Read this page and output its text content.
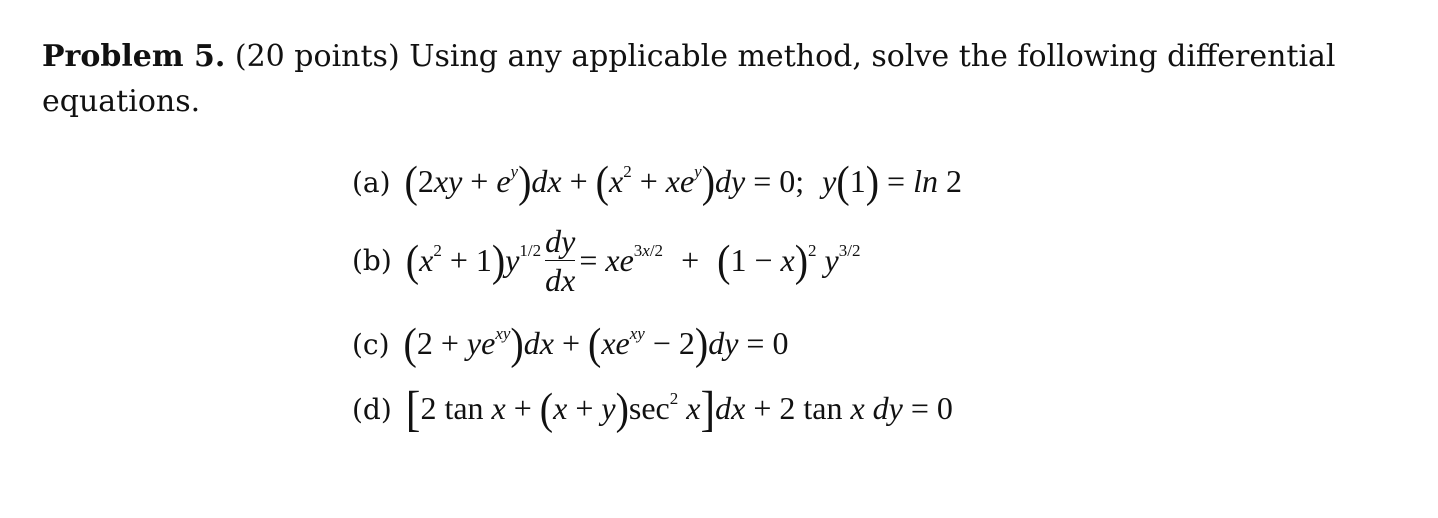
Problem 5. (20 points) Using any applicable method, solve the following differential equations.
(a) $(2xy + e^y)dx + (x^2 + xe^y)dy = 0$; y(1) = ln 2
(b) $(x^2 + 1)y^{1/2} \frac{dy}{dx} = xe^{3x/2} + (1 - x)^2$ $y^{3/2}$
(c) $(2 + ye^{xy})dx + (xe^{xy} - 2)dy = 0$
(d) [2 $\tan x + (x + y)\sec^2$ x]dx + 2 tan x dy = 0
